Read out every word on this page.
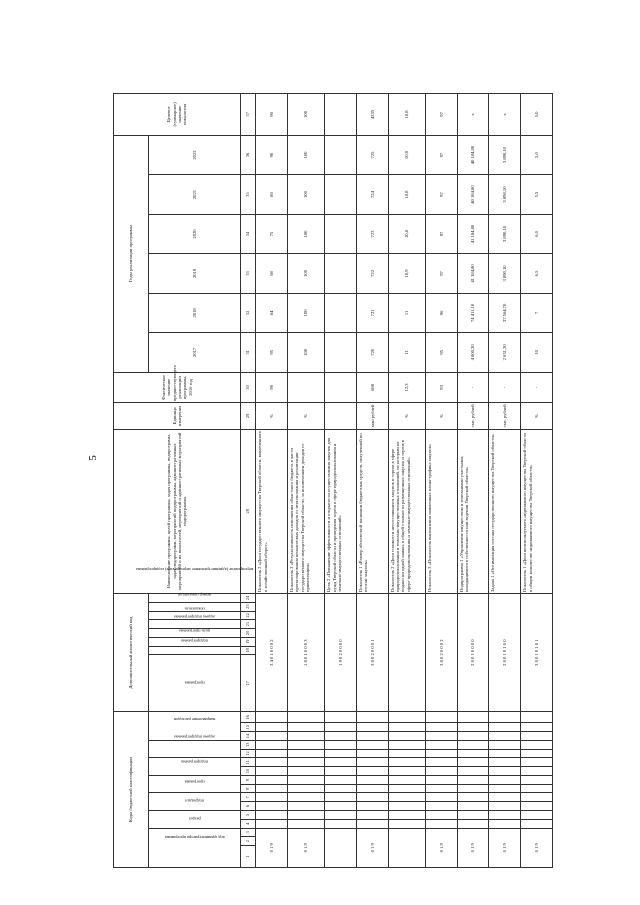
5
Коды бюджетной классификации																Дополнительный аналитический код								Наименование программы, целей программы, задач программы, подпрограмм, задач подпрограмм, мероприятий подпрограммы, административных мероприятий и их показателей, мероприятий и административных мероприятий подпрограммы	Единица измерения	Фактическое значение предшествующего реализации программы, 2016 год	Годы реализации программы						Целевое (суммарное) значение показателя
код администратора программы			раздел		подраздел		программа		подпрограмма		задача подпрограммы		направление расходов			программа	подпрограмма	цель программы	задача подпрограммы	мероприятие (административное мероприятие) подпрограммы	показатель	номер показателя					2017	2018	2019	2020	2021	2022	
1	2	3	4	5	6	7	8	9	10	11	12	13	14	15	16	17	18	19	20	21	22	23	24	28	29	30	31	32	33	34	35	36	37
0 1 9																3 4 0 1 0 0 0 2								Показатель 2 «Доля государственного имущества Тверской области, вовлеченного в хозяйственный оборот»	%	98	95	64	68	75	80	90	90
0 1 9																1 8 0 1 0 0 0 3								Показатель 3 «Результативность исполнения областного бюджета в части прогнозирования неналоговых доходов от использования и реализации государственного имущества Тверской области, за исключением доходов от приватизации»	%		100	100	100	100	100	100	100
																1 9 0 2 0 0 0 0								Цель 2 «Повышение эффективности и открытости осуществления закупок для нужд Тверской области и проведения торгов в сфере природопользования и земельно-имущественных отношений»									
0 1 9																3 8 0 2 0 0 0 1								Показатель 1 «Размер абсолютной экономии бюджетных средств, полученной по итогам закупок»	млн рублей	688	720	721	722	723	724	725	4335
																								Показатель 2 «Доля стоимости несостоявшихся закупок и торгов в сфере природопользования и земельно-имущественных отношений, по которым не подано ни одной заявки, в общей стоимости размещенных закупок и торгов в сфере природопользования и земельно-имущественных отношений»	%	12,3	11	11	10,9	10,8	10,8	10,8	10,8
0 1 9																3 8 0 2 0 0 0 2								Показатель 3 «Показатель выполнения заявленных плана-графика закупок»	%	93	95	96	97	97	97	97	97
0 1 9																2 8 0 1 0 0 0 0								Подпрограмма 1 «Управление имуществом и земельными участками, находящимися в собственности или ведении Тверской области»	тыс. рублей	-	4 800,20	74 411,10	41 184,80	41 184,80	40 184,80	40 184,80	x
0 1 9																2 8 0 1 0 1 0 0								Задача 1 «Оптимизация состава государственного имущества Тверской области»	тыс. рублей	-	2 631,20	37 564,70	3 890,10	3 890,10	3 890,10	3 890,10	x
0 1 9																3 8 0 1 0 1 0 1								Показатель 1 «Доля неиспользуемого недвижимого имущества Тверской области в общем количестве недвижимого имущества Тверской области»	%	-	10	7	6,5	6,0	5,5	5,0	5,0
